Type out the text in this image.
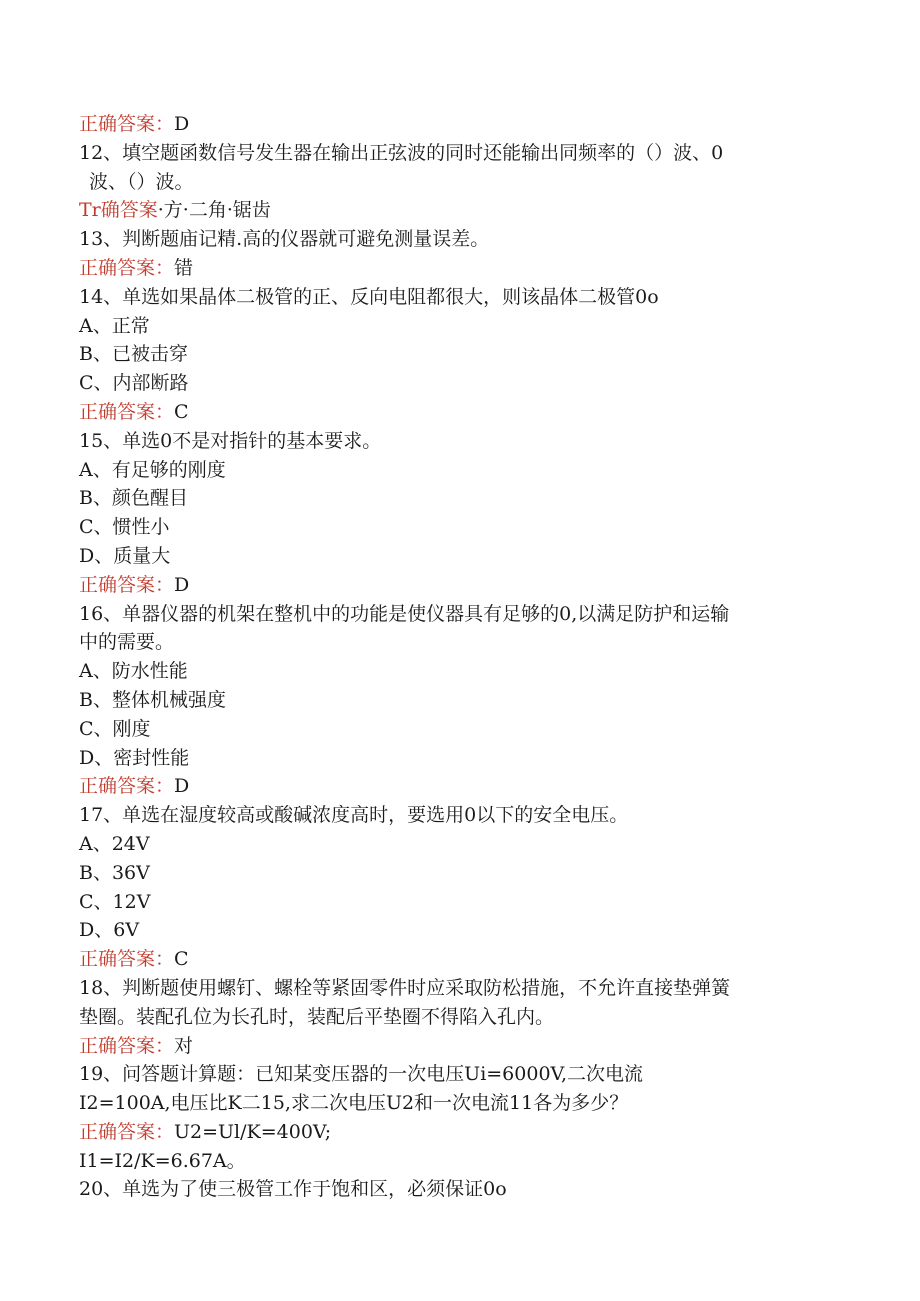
正确答案：D
12、填空题函数信号发生器在输出正弦波的同时还能输出同频率的（）波、0
波、（）波。
Tr确答案·方·二角·锯齿
13、判断题庙记精.高的仪器就可避免测量误差。
正确答案：错
14、单选如果晶体二极管的正、反向电阻都很大，则该晶体二极管0o
A、正常
B、已被击穿
C、内部断路
正确答案：C
15、单选0不是对指针的基本要求。
A、有足够的刚度
B、颜色醒目
C、惯性小
D、质量大
正确答案：D
16、单器仪器的机架在整机中的功能是使仪器具有足够的0,以满足防护和运输
中的需要。
A、防水性能
B、整体机械强度
C、刚度
D、密封性能
正确答案：D
17、单选在湿度较高或酸碱浓度高时，要选用0以下的安全电压。
A、24V
B、36V
C、12V
D、6V
正确答案：C
18、判断题使用螺钉、螺栓等紧固零件时应采取防松措施，不允许直接垫弹簧
垫圈。装配孔位为长孔时，装配后平垫圈不得陷入孔内。
正确答案：对
19、问答题计算题：已知某变压器的一次电压Ui=6000V,二次电流
I2=100A,电压比K二15,求二次电压U2和一次电流11各为多少？
正确答案：U2=Ul/K=400V;
I1=I2/K=6.67A。
20、单选为了使三极管工作于饱和区，必须保证0o
